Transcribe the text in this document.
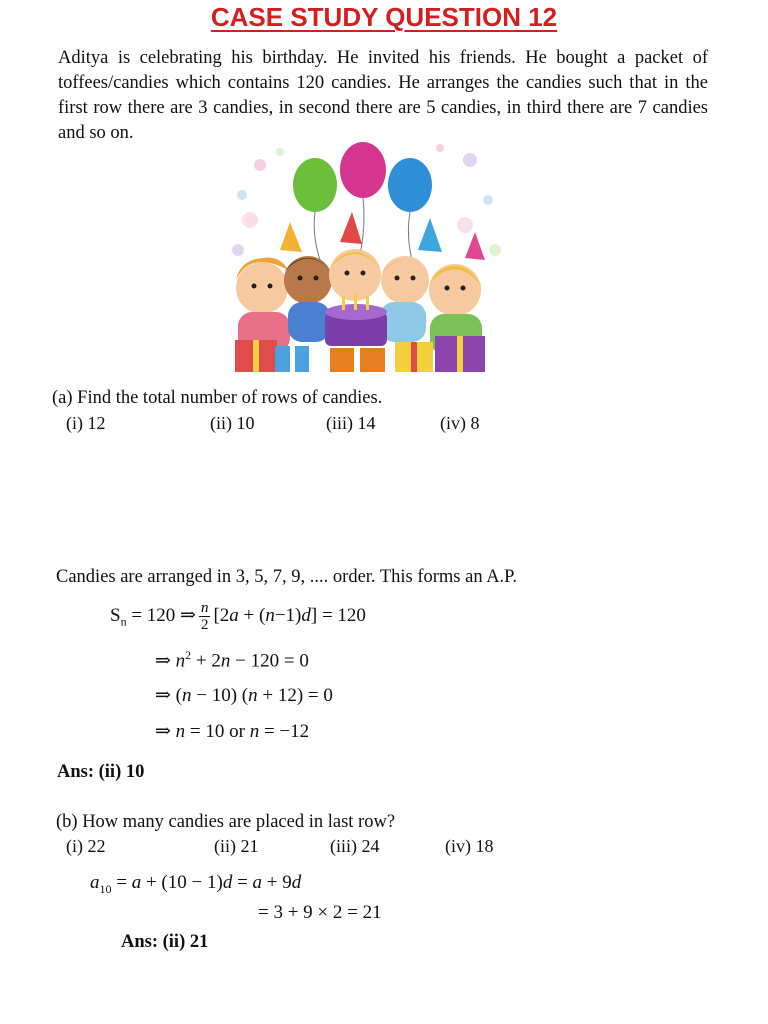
CASE STUDY QUESTION 12

Aditya is celebrating his birthday. He invited his friends. He bought a packet of toffees/candies which contains 120 candies. He arranges the candies such that in the first row there are 3 candies, in second there are 5 candies, in third there are 7 candies and so on.

(a) Find the total number of rows of candies.
(i) 12	(ii) 10	(iii) 14	(iv) 8
Candies are arranged in 3, 5, 7, 9, .... order. This forms an A.P.
$S_n = 120$ ⇒ $\frac{n}{2} [2a + (n-1)d] = 120$
⇒ $n^2 + 2n - 120 = 0$
⇒ (n − 10) (n + 12) = 0
⇒ n = 10 or n = −12
Ans: (ii) 10
(b) How many candies are placed in last row?
(i) 22	(ii) 21	(iii) 24	(iv) 18
$a_{10} = a + (10 - 1)d = a + 9d$
= 3 + 9 × 2 = 21
Ans: (ii) 21
